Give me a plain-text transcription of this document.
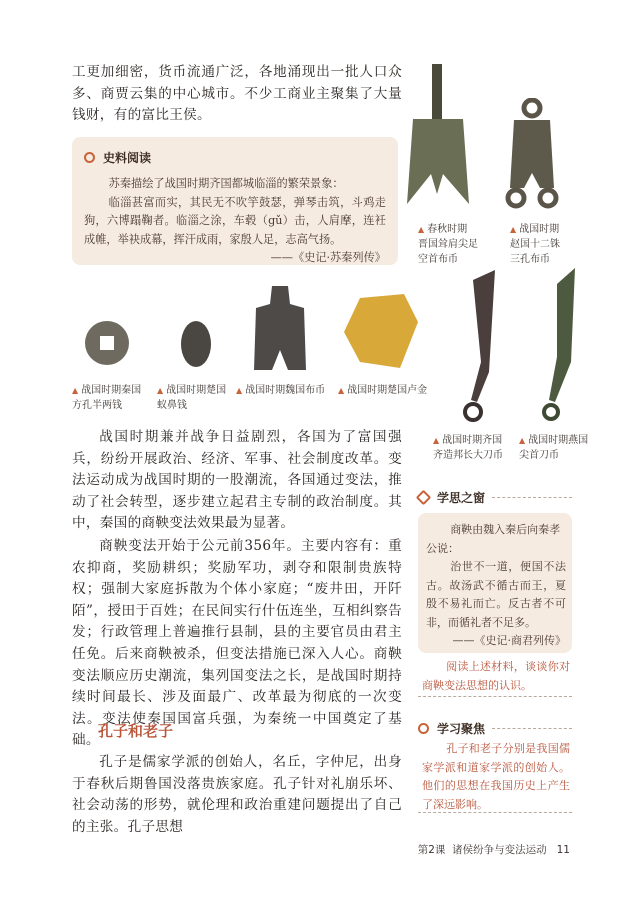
工更加细密，货币流通广泛，各地涌现出一批人口众多、商贾云集的中心城市。不少工商业主聚集了大量钱财，有的富比王侯。
史料阅读
苏秦描绘了战国时期齐国都城临淄的繁荣景象：
临淄甚富而实，其民无不吹竽鼓瑟，弹琴击筑，斗鸡走狗，六博蹋鞠者。临淄之涂，车毂（gǔ）击，人肩摩，连衽成帷，举袂成幕，挥汗成雨，家殷人足，志高气扬。
——《史记·苏秦列传》
▲ 春秋时期
晋国耸肩尖足
空首布币
▲ 战国时期
赵国十二铢
三孔布币
▲ 战国时期齐国
齐造邦长大刀币
▲ 战国时期燕国
尖首刀币
▲ 战国时期秦国
方孔半两钱
▲ 战国时期楚国
蚁鼻钱
▲ 战国时期魏国布币 ▲ 战国时期楚国卢金
战国时期兼并战争日益剧烈，各国为了富国强兵，纷纷开展政治、经济、军事、社会制度改革。变法运动成为战国时期的一股潮流，各国通过变法，推动了社会转型，逐步建立起君主专制的政治制度。其中，秦国的商鞅变法效果最为显著。
商鞅变法开始于公元前356年。主要内容有：重农抑商，奖励耕织；奖励军功，剥夺和限制贵族特权；强制大家庭拆散为个体小家庭；“废井田，开阡陌”，授田于百姓；在民间实行什伍连坐，互相纠察告发；行政管理上普遍推行县制，县的主要官员由君主任免。后来商鞅被杀，但变法措施已深入人心。商鞅变法顺应历史潮流，集列国变法之长，是战国时期持续时间最长、涉及面最广、改革最为彻底的一次变法。变法使秦国国富兵强，为秦统一中国奠定了基础。
孔子和老子
孔子是儒家学派的创始人，名丘，字仲尼，出身于春秋后期鲁国没落贵族家庭。孔子针对礼崩乐坏、社会动荡的形势，就伦理和政治重建问题提出了自己的主张。孔子思想
学思之窗
商鞅由魏入秦后向秦孝公说：
治世不一道，便国不法古。故汤武不循古而王，夏殷不易礼而亡。反古者不可非，而循礼者不足多。
——《史记·商君列传》
阅读上述材料，谈谈你对商鞅变法思想的认识。
学习聚焦
孔子和老子分别是我国儒家学派和道家学派的创始人。他们的思想在我国历史上产生了深远影响。
第2课 诸侯纷争与变法运动 11
